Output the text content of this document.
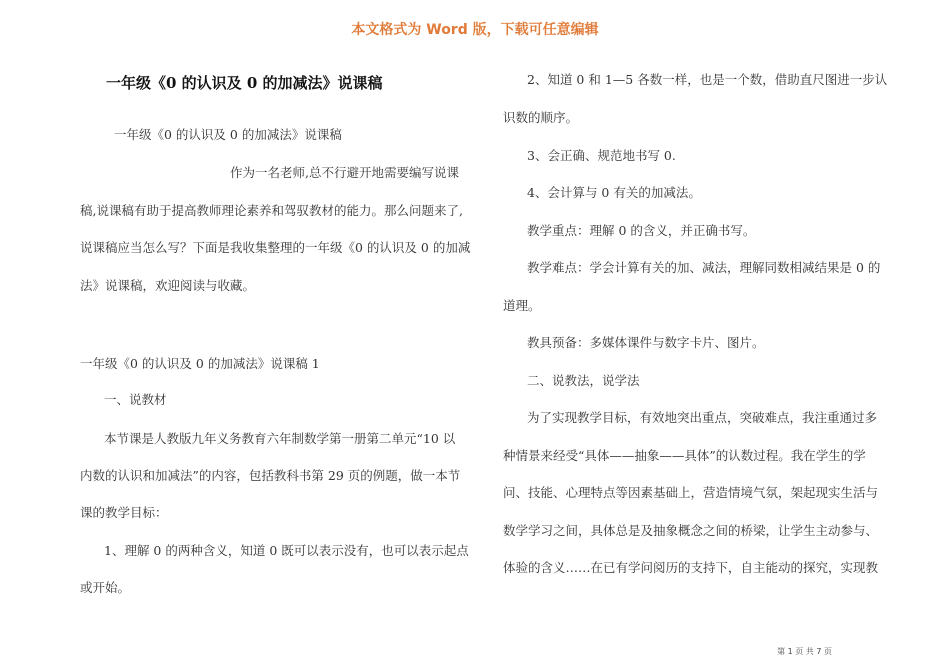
本文格式为 Word 版，下载可任意编辑
一年级《0 的认识及 0 的加减法》说课稿
一年级《0 的认识及 0 的加减法》说课稿
作为一名老师,总不行避开地需要编写说课
稿,说课稿有助于提高教师理论素养和驾驭教材的能力。那么问题来了,
说课稿应当怎么写？下面是我收集整理的一年级《0 的认识及 0 的加减
法》说课稿，欢迎阅读与收藏。
一年级《0 的认识及 0 的加减法》说课稿 1
一、说教材
本节课是人教版九年义务教育六年制数学第一册第二单元“10 以
内数的认识和加减法”的内容，包括教科书第 29 页的例题，做一本节
课的教学目标：
1、理解 0 的两种含义，知道 0 既可以表示没有，也可以表示起点
或开始。
2、知道 0 和 1—5 各数一样，也是一个数，借助直尺图进一步认
识数的顺序。
3、会正确、规范地书写 0.
4、会计算与 0 有关的加减法。
教学重点：理解 0 的含义，并正确书写。
教学难点：学会计算有关的加、减法，理解同数相减结果是 0 的
道理。
教具预备：多媒体课件与数字卡片、图片。
二、说教法，说学法
为了实现教学目标，有效地突出重点，突破难点，我注重通过多
种情景来经受“具体——抽象——具体”的认数过程。我在学生的学
问、技能、心理特点等因素基础上，营造情境气氛，架起现实生活与
数学学习之间，具体总是及抽象概念之间的桥梁，让学生主动参与、
体验的含义……在已有学问阅历的支持下，自主能动的探究，实现教
第 1 页 共 7 页
